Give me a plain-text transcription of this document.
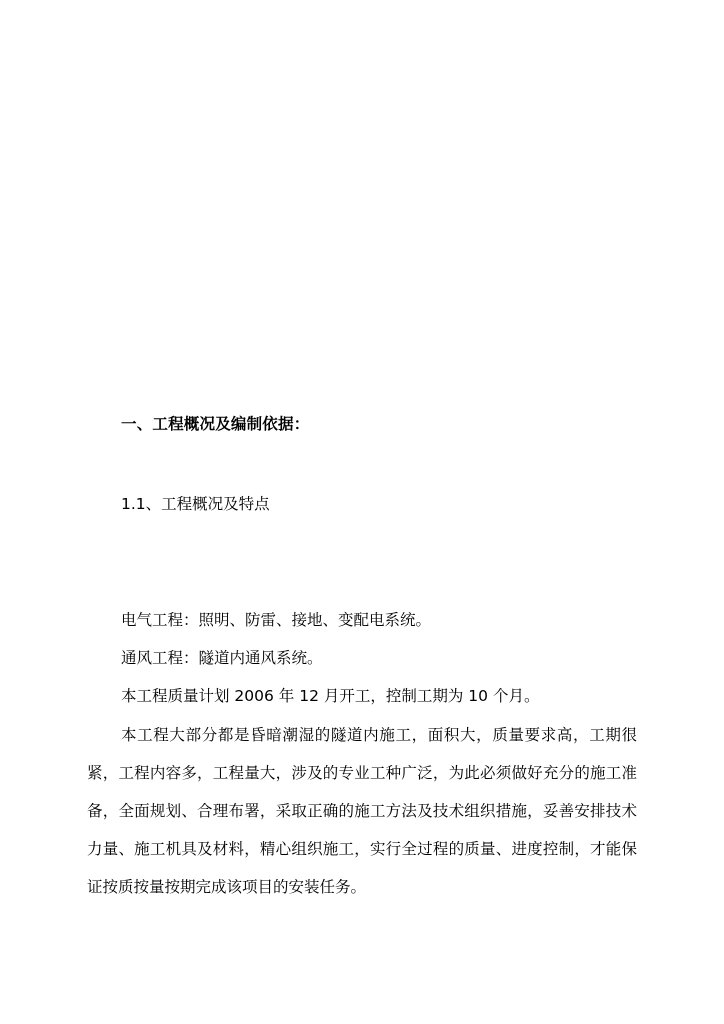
一、工程概况及编制依据：
1.1、工程概况及特点
电气工程：照明、防雷、接地、变配电系统。
通风工程：隧道内通风系统。
本工程质量计划 2006 年 12 月开工，控制工期为 10 个月。
本工程大部分都是昏暗潮湿的隧道内施工，面积大，质量要求高，工期很紧，工程内容多，工程量大，涉及的专业工种广泛，为此必须做好充分的施工准备，全面规划、合理布署，采取正确的施工方法及技术组织措施，妥善安排技术力量、施工机具及材料，精心组织施工，实行全过程的质量、进度控制，才能保证按质按量按期完成该项目的安装任务。
